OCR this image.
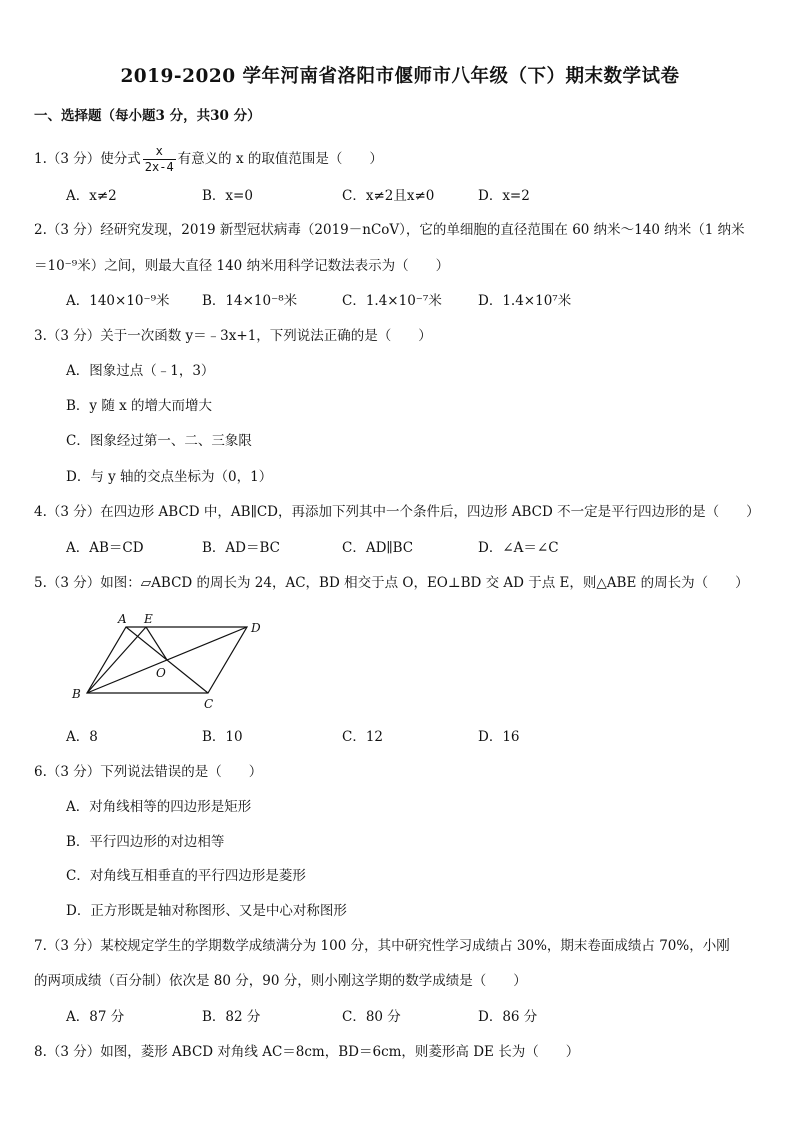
2019-2020 学年河南省洛阳市偃师市八年级（下）期末数学试卷
一、选择题（每小题3 分，共30 分）
1.（3 分）使分式 $\frac{x}{2x-4}$ 有意义的 x 的取值范围是（　　）
A．x≠2	B．x=0	C．x≠2且x≠0	D．x=2
2.（3 分）经研究发现，2019 新型冠状病毒（2019－nCoV），它的单细胞的直径范围在 60 纳米～140 纳米（1 纳米
＝10⁻⁹米）之间，则最大直径 140 纳米用科学记数法表示为（　　）
A．140×10⁻⁹米 B．14×10⁻⁸米	C．1.4×10⁻⁷米	D．1.4×10⁷米
3.（3 分）关于一次函数 y＝﹣3x+1，下列说法正确的是（　　）
A．图象过点（﹣1，3）
B．y 随 x 的增大而增大
C．图象经过第一、二、三象限
D．与 y 轴的交点坐标为（0，1）
4.（3 分）在四边形 ABCD 中，AB∥CD，再添加下列其中一个条件后，四边形 ABCD 不一定是平行四边形的是（　　）
A．AB＝CD	B．AD＝BC	C．AD∥BC	D．∠A＝∠C
5.（3 分）如图：▱ABCD 的周长为 24，AC，BD 相交于点 O，EO⊥BD 交 AD 于点 E，则△ABE 的周长为（　　）
A E
D
O
B
C
A．8	B．10	C．12	D．16
6.（3 分）下列说法错误的是（　　）
A．对角线相等的四边形是矩形
B．平行四边形的对边相等
C．对角线互相垂直的平行四边形是菱形
D．正方形既是轴对称图形、又是中心对称图形
7.（3 分）某校规定学生的学期数学成绩满分为 100 分，其中研究性学习成绩占 30%，期末卷面成绩占 70%，小刚
的两项成绩（百分制）依次是 80 分，90 分，则小刚这学期的数学成绩是（　　）
A．87 分	B．82 分	C．80 分	D．86 分
8.（3 分）如图，菱形 ABCD 对角线 AC＝8cm，BD＝6cm，则菱形高 DE 长为（　　）
